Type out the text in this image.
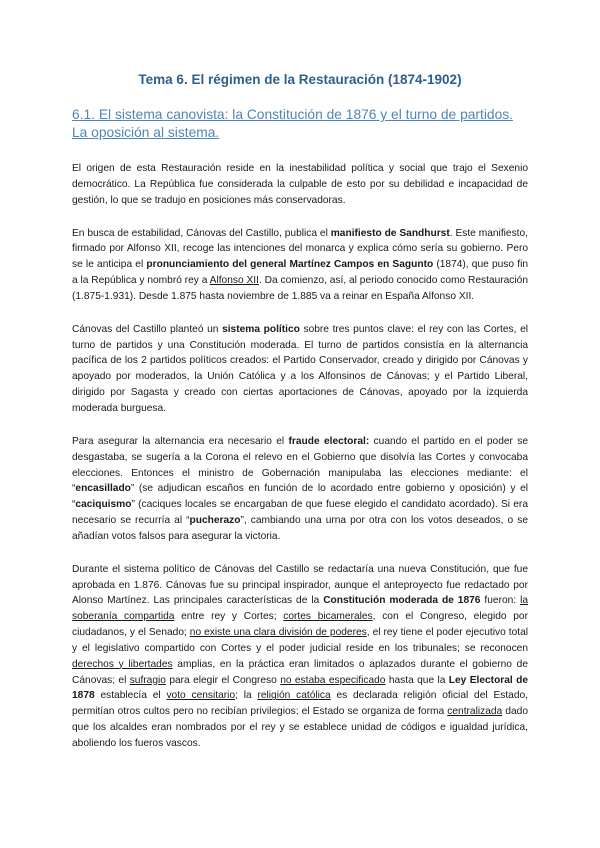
Tema 6. El régimen de la Restauración (1874-1902)
6.1. El sistema canovista: la Constitución de 1876 y el turno de partidos. La oposición al sistema.

El origen de esta Restauración reside en la inestabilidad política y social que trajo el Sexenio democrático. La República fue considerada la culpable de esto por su debilidad e incapacidad de gestión, lo que se tradujo en posiciones más conservadoras.

En busca de estabilidad, Cánovas del Castillo, publica el manifiesto de Sandhurst. Este manifiesto, firmado por Alfonso XII, recoge las intenciones del monarca y explica cómo sería su gobierno. Pero se le anticipa el pronunciamiento del general Martínez Campos en Sagunto (1874), que puso fin a la República y nombró rey a Alfonso XII. Da comienzo, así, al periodo conocido como Restauración (1.875-1.931). Desde 1.875 hasta noviembre de 1.885 va a reinar en España Alfonso XII.

Cánovas del Castillo planteó un sistema político sobre tres puntos clave: el rey con las Cortes, el turno de partidos y una Constitución moderada. El turno de partidos consistía en la alternancia pacífica de los 2 partidos políticos creados: el Partido Conservador, creado y dirigido por Cánovas y apoyado por moderados, la Unión Católica y a los Alfonsinos de Cánovas; y el Partido Liberal, dirigido por Sagasta y creado con ciertas aportaciones de Cánovas, apoyado por la izquierda moderada burguesa.

Para asegurar la alternancia era necesario el fraude electoral: cuando el partido en el poder se desgastaba, se sugería a la Corona el relevo en el Gobierno que disolvía las Cortes y convocaba elecciones. Entonces el ministro de Gobernación manipulaba las elecciones mediante: el “encasillado” (se adjudican escaños en función de lo acordado entre gobierno y oposición) y el “caciquismo” (caciques locales se encargaban de que fuese elegido el candidato acordado). Si era necesario se recurría al “pucherazo”, cambiando una urna por otra con los votos deseados, o se añadían votos falsos para asegurar la victoria.

Durante el sistema político de Cánovas del Castillo se redactaría una nueva Constitución, que fue aprobada en 1.876. Cánovas fue su principal inspirador, aunque el anteproyecto fue redactado por Alonso Martínez. Las principales características de la Constitución moderada de 1876 fueron: la soberanía compartida entre rey y Cortes; cortes bicamerales, con el Congreso, elegido por ciudadanos, y el Senado; no existe una clara división de poderes, el rey tiene el poder ejecutivo total y el legislativo compartido con Cortes y el poder judicial reside en los tribunales; se reconocen derechos y libertades amplias, en la práctica eran limitados o aplazados durante el gobierno de Cánovas; el sufragio para elegir el Congreso no estaba especificado hasta que la Ley Electoral de 1878 establecía el voto censitario; la religión católica es declarada religión oficial del Estado, permitían otros cultos pero no recibían privilegios; el Estado se organiza de forma centralizada dado que los alcaldes eran nombrados por el rey y se establece unidad de códigos e igualdad jurídica, aboliendo los fueros vascos.
